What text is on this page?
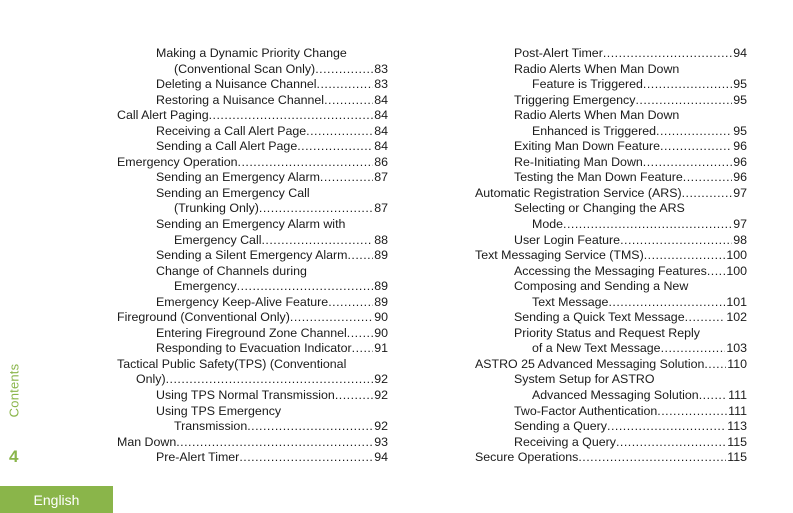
Contents
4
English
Making a Dynamic Priority Change
(Conventional Scan Only) .....	83
Deleting a Nuisance Channel .....	83
Restoring a Nuisance Channel .....	84
Call Alert Paging .....	84
Receiving a Call Alert Page .....	84
Sending a Call Alert Page .....	84
Emergency Operation .....	86
Sending an Emergency Alarm .....	87
Sending an Emergency Call
(Trunking Only) .....	87
Sending an Emergency Alarm with
Emergency Call .....	88
Sending a Silent Emergency Alarm ..... 89
Change of Channels during
Emergency .....	89
Emergency Keep-Alive Feature .....	89
Fireground (Conventional Only) .....	90
Entering Fireground Zone Channel ..... 90
Responding to Evacuation Indicator ..... 91
Tactical Public Safety(TPS) (Conventional
Only) .....	92
Using TPS Normal Transmission .....	92
Using TPS Emergency
Transmission .....	92
Man Down .....	93
Pre-Alert Timer .....	94
Post-Alert Timer .....	94
Radio Alerts When Man Down
Feature is Triggered .....	95
Triggering Emergency .....	95
Radio Alerts When Man Down
Enhanced is Triggered .....	95
Exiting Man Down Feature .....	96
Re-Initiating Man Down .....	96
Testing the Man Down Feature .....	96
Automatic Registration Service (ARS) .....	97
Selecting or Changing the ARS
Mode .....	97
User Login Feature .....	98
Text Messaging Service (TMS) .....	100
Accessing the Messaging Features ..... 100
Composing and Sending a New
Text Message .....	101
Sending a Quick Text Message .....	102
Priority Status and Request Reply
of a New Text Message .....	103
ASTRO 25 Advanced Messaging Solution ..... 110
System Setup for ASTRO
Advanced Messaging Solution ..... 111
Two-Factor Authentication .....	111
Sending a Query .....	113
Receiving a Query .....	115
Secure Operations .....	115
